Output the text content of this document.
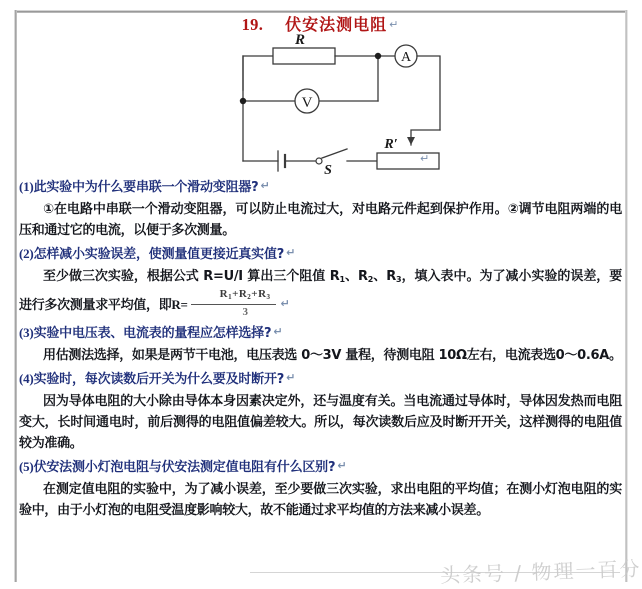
19. 伏安法测电阻 ↵
R
A
V
R′
S
↵

(1)此实验中为什么要串联一个滑动变阻器? ↵

①在电路中串联一个滑动变阻器，可以防止电流过大，对电路元件起到保护作用。②调节电阻两端的电压和通过它的电流，以便于多次测量。

(2)怎样减小实验误差，使测量值更接近真实值? ↵

至少做三次实验，根据公式 R=U/I 算出三个阻值 $R_1$、$R_2$、$R_3$，填入表中。为了减小实验的误差，要进行多次测量求平均值，即$R= \frac{R_1+R_2+R_3}{3}$ ↵

(3)实验中电压表、电流表的量程应怎样选择? ↵

用估测法选择，如果是两节干电池，电压表选 0～3V 量程，待测电阻 10Ω左右，电流表选0～0.6A。

(4)实验时，每次读数后开关为什么要及时断开? ↵

因为导体电阻的大小除由导体本身因素决定外，还与温度有关。当电流通过导体时，导体因发热而电阻变大，长时间通电时，前后测得的电阻值偏差较大。所以，每次读数后应及时断开开关，这样测得的电阻值较为准确。

(5)伏安法测小灯泡电阻与伏安法测定值电阻有什么区别? ↵

在测定值电阻的实验中，为了减小误差，至少要做三次实验，求出电阻的平均值；在测小灯泡电阻的实验中，由于小灯泡的电阻受温度影响较大，故不能通过求平均值的方法来减小误差。

头条号 / 物理一百分
